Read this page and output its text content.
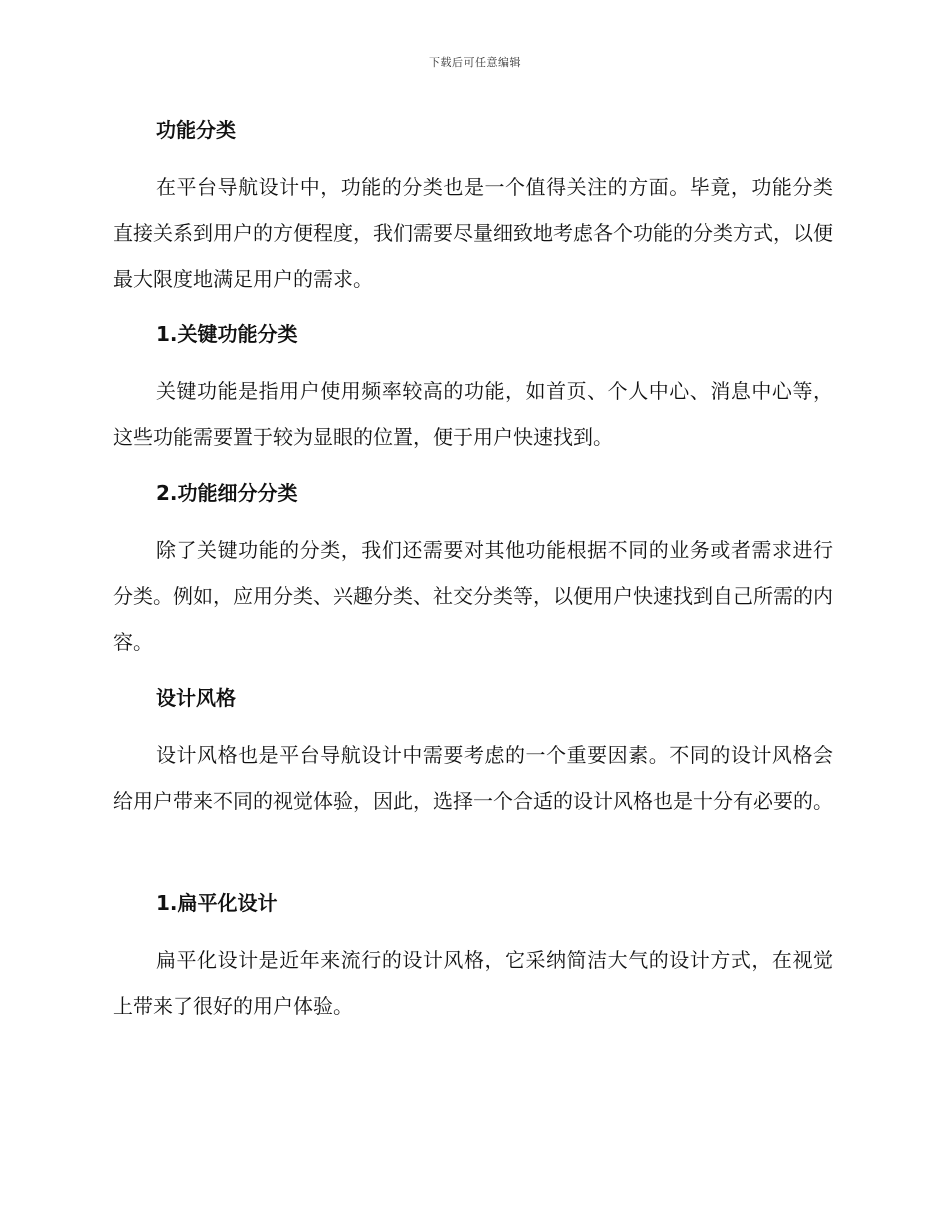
下载后可任意编辑
功能分类
在平台导航设计中，功能的分类也是一个值得关注的方面。毕竟，功能分类直接关系到用户的方便程度，我们需要尽量细致地考虑各个功能的分类方式，以便最大限度地满足用户的需求。
1.关键功能分类
关键功能是指用户使用频率较高的功能，如首页、个人中心、消息中心等，这些功能需要置于较为显眼的位置，便于用户快速找到。
2.功能细分分类
除了关键功能的分类，我们还需要对其他功能根据不同的业务或者需求进行分类。例如，应用分类、兴趣分类、社交分类等，以便用户快速找到自己所需的内容。
设计风格
设计风格也是平台导航设计中需要考虑的一个重要因素。不同的设计风格会给用户带来不同的视觉体验，因此，选择一个合适的设计风格也是十分有必要的。
1.扁平化设计
扁平化设计是近年来流行的设计风格，它采纳简洁大气的设计方式，在视觉上带来了很好的用户体验。
